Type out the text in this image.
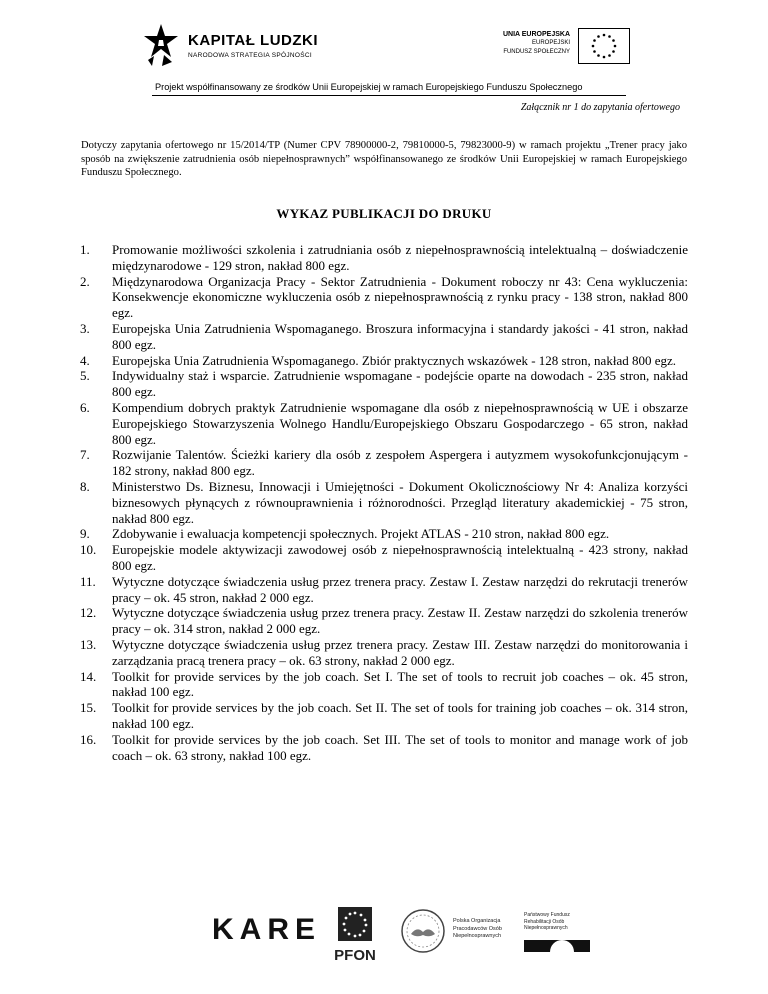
KAPITAŁ LUDZKI
NARODOWA STRATEGIA SPÓJNOŚCI
UNIA EUROPEJSKA
EUROPEJSKI
FUNDUSZ SPOŁECZNY
Projekt współfinansowany ze środków Unii Europejskiej w ramach Europejskiego Funduszu Społecznego
Załącznik nr 1 do zapytania ofertowego
Dotyczy zapytania ofertowego nr 15/2014/TP (Numer CPV 78900000-2, 79810000-5, 79823000-9) w ramach projektu „Trener pracy jako sposób na zwiększenie zatrudnienia osób niepełnosprawnych” współfinansowanego ze środków Unii Europejskiej w ramach Europejskiego Funduszu Społecznego.
WYKAZ PUBLIKACJI DO DRUKU
1.	Promowanie możliwości szkolenia i zatrudniania osób z niepełnosprawnością intelektualną – doświadczenie międzynarodowe - 129 stron, nakład 800 egz.
2.	Międzynarodowa Organizacja Pracy - Sektor Zatrudnienia - Dokument roboczy nr 43: Cena wykluczenia: Konsekwencje ekonomiczne wykluczenia osób z niepełnosprawnością z rynku pracy - 138 stron, nakład 800 egz.
3.	Europejska Unia Zatrudnienia Wspomaganego. Broszura informacyjna i standardy jakości - 41 stron, nakład 800 egz.
4.	Europejska Unia Zatrudnienia Wspomaganego. Zbiór praktycznych wskazówek - 128 stron, nakład 800 egz.
5.	Indywidualny staż i wsparcie. Zatrudnienie wspomagane - podejście oparte na dowodach - 235 stron, nakład 800 egz.
6.	Kompendium dobrych praktyk Zatrudnienie wspomagane dla osób z niepełnosprawnością w UE i obszarze Europejskiego Stowarzyszenia Wolnego Handlu/Europejskiego Obszaru Gospodarczego - 65 stron, nakład 800 egz.
7.	Rozwijanie Talentów. Ścieżki kariery dla osób z zespołem Aspergera i autyzmem wysokofunkcjonującym - 182 strony, nakład 800 egz.
8.	Ministerstwo Ds. Biznesu, Innowacji i Umiejętności - Dokument Okolicznościowy Nr 4: Analiza korzyści biznesowych płynących z równouprawnienia i różnorodności. Przegląd literatury akademickiej - 75 stron, nakład 800 egz.
9.	Zdobywanie i ewaluacja kompetencji społecznych. Projekt ATLAS - 210 stron, nakład 800 egz.
10.	Europejskie modele aktywizacji zawodowej osób z niepełnosprawnością intelektualną - 423 strony, nakład 800 egz.
11.	Wytyczne dotyczące świadczenia usług przez trenera pracy. Zestaw I. Zestaw narzędzi do rekrutacji trenerów pracy – ok. 45 stron, nakład 2 000 egz.
12.	Wytyczne dotyczące świadczenia usług przez trenera pracy. Zestaw II. Zestaw narzędzi do szkolenia trenerów pracy – ok. 314 stron, nakład 2 000 egz.
13.	Wytyczne dotyczące świadczenia usług przez trenera pracy. Zestaw III. Zestaw narzędzi do monitorowania i zarządzania pracą trenera pracy – ok. 63 strony, nakład 2 000 egz.
14.	Toolkit for provide services by the job coach. Set I. The set of tools to recruit job coaches – ok. 45 stron, nakład 100 egz.
15.	Toolkit for provide services by the job coach. Set II. The set of tools for training job coaches – ok. 314 stron, nakład 100 egz.
16.	Toolkit for provide services by the job coach. Set III. The set of tools to monitor and manage work of job coach – ok. 63 strony, nakład 100 egz.
KARE
PFON
Polska Organizacja
Pracodawców Osób
Niepełnosprawnych
Państwowy Fundusz
Rehabilitacji Osób
Niepełnosprawnych
